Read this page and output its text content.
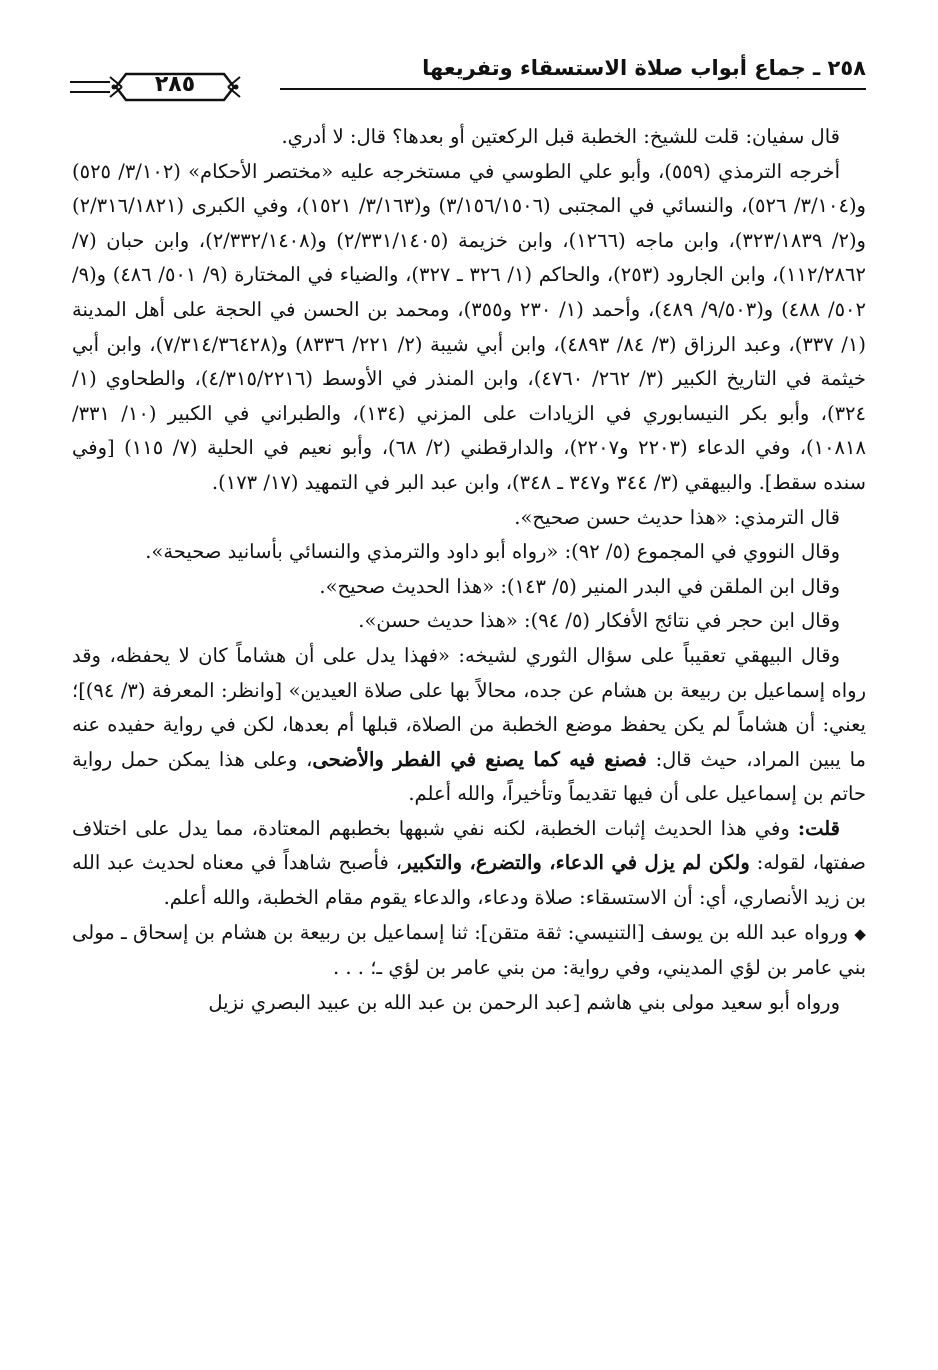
٢٥٨ ـ جماع أبواب صلاة الاستسقاء وتفريعها
٢٨٥

قال سفيان: قلت للشيخ: الخطبة قبل الركعتين أو بعدها؟ قال: لا أدري.

أخرجه الترمذي (٥٥٩)، وأبو علي الطوسي في مستخرجه عليه «مختصر الأحكام» (٣/١٠٢/ ٥٢٥) و(٣/١٠٤/ ٥٢٦)، والنسائي في المجتبى (٣/١٥٦/١٥٠٦) و(٣/١٦٣/ ١٥٢١)، وفي الكبرى (٢/٣١٦/١٨٢١) و(٢/ ٣٢٣/١٨٣٩)، وابن ماجه (١٢٦٦)، وابن خزيمة (٢/٣٣١/١٤٠٥) و(٢/٣٣٢/١٤٠٨)، وابن حبان (٧/ ١١٢/٢٨٦٢)، وابن الجارود (٢٥٣)، والحاكم (١/ ٣٢٦ ـ ٣٢٧)، والضياء في المختارة (٩/ ٥٠١/ ٤٨٦) و(٩/ ٥٠٢/ ٤٨٨) و(٩/٥٠٣/ ٤٨٩)، وأحمد (١/ ٢٣٠ و٣٥٥)، ومحمد بن الحسن في الحجة على أهل المدينة (١/ ٣٣٧)، وعبد الرزاق (٣/ ٨٤/ ٤٨٩٣)، وابن أبي شيبة (٢/ ٢٢١/ ٨٣٣٦) و(٧/٣١٤/٣٦٤٢٨)، وابن أبي خيثمة في التاريخ الكبير (٣/ ٢٦٢/ ٤٧٦٠)، وابن المنذر في الأوسط (٤/٣١٥/٢٢١٦)، والطحاوي (١/ ٣٢٤)، وأبو بكر النيسابوري في الزيادات على المزني (١٣٤)، والطبراني في الكبير (١٠/ ٣٣١/ ١٠٨١٨)، وفي الدعاء (٢٢٠٣ و٢٢٠٧)، والدارقطني (٢/ ٦٨)، وأبو نعيم في الحلية (٧/ ١١٥) [وفي سنده سقط]. والبيهقي (٣/ ٣٤٤ و٣٤٧ ـ ٣٤٨)، وابن عبد البر في التمهيد (١٧/ ١٧٣).

قال الترمذي: «هذا حديث حسن صحيح».

وقال النووي في المجموع (٥/ ٩٢): «رواه أبو داود والترمذي والنسائي بأسانيد صحيحة».

وقال ابن الملقن في البدر المنير (٥/ ١٤٣): «هذا الحديث صحيح».

وقال ابن حجر في نتائج الأفكار (٥/ ٩٤): «هذا حديث حسن».

وقال البيهقي تعقيباً على سؤال الثوري لشيخه: «فهذا يدل على أن هشاماً كان لا يحفظه، وقد رواه إسماعيل بن ربيعة بن هشام عن جده، محالاً بها على صلاة العيدين» [وانظر: المعرفة (٣/ ٩٤)]؛ يعني: أن هشاماً لم يكن يحفظ موضع الخطبة من الصلاة، قبلها أم بعدها، لكن في رواية حفيده عنه ما يبين المراد، حيث قال: فصنع فيه كما يصنع في الفطر والأضحى، وعلى هذا يمكن حمل رواية حاتم بن إسماعيل على أن فيها تقديماً وتأخيراً، والله أعلم.

قلت: وفي هذا الحديث إثبات الخطبة، لكنه نفي شبهها بخطبهم المعتادة، مما يدل على اختلاف صفتها، لقوله: ولكن لم يزل في الدعاء، والتضرع، والتكبير، فأصبح شاهداً في معناه لحديث عبد الله بن زيد الأنصاري، أي: أن الاستسقاء: صلاة ودعاء، والدعاء يقوم مقام الخطبة، والله أعلم.

◆ ورواه عبد الله بن يوسف [التنيسي: ثقة متقن]: ثنا إسماعيل بن ربيعة بن هشام بن إسحاق ـ مولى بني عامر بن لؤي المديني، وفي رواية: من بني عامر بن لؤي ـ؛ . . .

ورواه أبو سعيد مولى بني هاشم [عبد الرحمن بن عبد الله بن عبيد البصري نزيل
